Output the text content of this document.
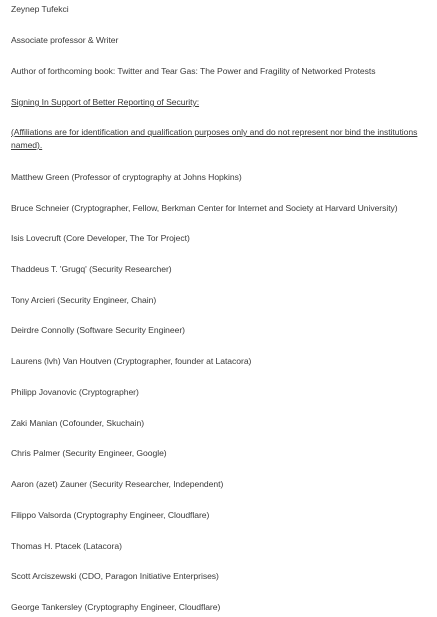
Zeynep Tufekci

Associate professor & Writer

Author of forthcoming book: Twitter and Tear Gas: The Power and Fragility of Networked Protests

Signing In Support of Better Reporting of Security:

(Affiliations are for identification and qualification purposes only and do not represent nor bind the institutions named).

Matthew Green (Professor of cryptography at Johns Hopkins)

Bruce Schneier (Cryptographer, Fellow, Berkman Center for Internet and Society at Harvard University)

Isis Lovecruft (Core Developer, The Tor Project)

Thaddeus T. 'Grugq' (Security Researcher)

Tony Arcieri (Security Engineer, Chain)

Deirdre Connolly (Software Security Engineer)

Laurens (lvh) Van Houtven (Cryptographer, founder at Latacora)

Philipp Jovanovic (Cryptographer)

Zaki Manian (Cofounder, Skuchain)

Chris Palmer (Security Engineer, Google)

Aaron (azet) Zauner (Security Researcher, Independent)

Filippo Valsorda (Cryptography Engineer, Cloudflare)

Thomas H. Ptacek (Latacora)

Scott Arciszewski (CDO, Paragon Initiative Enterprises)

George Tankersley (Cryptography Engineer, Cloudflare)
